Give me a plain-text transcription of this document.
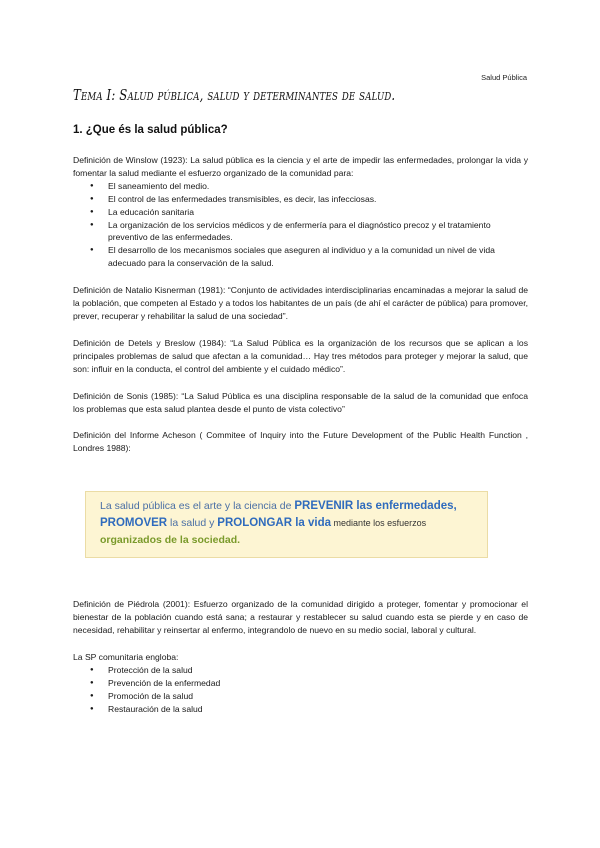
Salud Pública
Tema I: Salud pública, salud y determinantes de salud.
1. ¿Que és la salud pública?

Definición de Winslow (1923): La salud pública es la ciencia y el arte de impedir las enfermedades, prolongar la vida y fomentar la salud mediante el esfuerzo organizado de la comunidad para:

● El saneamiento del medio.
● El control de las enfermedades transmisibles, es decir, las infecciosas.
● La educación sanitaria
● La organización de los servicios médicos y de enfermería para el diagnóstico precoz y el tratamiento preventivo de las enfermedades.
● El desarrollo de los mecanismos sociales que aseguren al individuo y a la comunidad un nivel de vida adecuado para la conservación de la salud.

Definición de Natalio Kisnerman (1981): “Conjunto de actividades interdisciplinarias encaminadas a mejorar la salud de la población, que competen al Estado y a todos los habitantes de un país (de ahí el carácter de pública) para promover, prever, recuperar y rehabilitar la salud de una sociedad”.

Definición de Detels y Breslow (1984): “La Salud Pública es la organización de los recursos que se aplican a los principales problemas de salud que afectan a la comunidad… Hay tres métodos para proteger y mejorar la salud, que son: influir en la conducta, el control del ambiente y el cuidado médico”.

Definición de Sonis (1985): “La Salud Pública es una disciplina responsable de la salud de la comunidad que enfoca los problemas que esta salud plantea desde el punto de vista colectivo”

Definición del Informe Acheson ( Commitee of Inquiry into the Future Development of the Public Health Function , Londres 1988):

La salud pública es el arte y la ciencia de PREVENIR las enfermedades,
PROMOVER la salud y PROLONGAR la vida mediante los esfuerzos
organizados de la sociedad.

Definición de Piédrola (2001): Esfuerzo organizado de la comunidad dirigido a proteger, fomentar y promocionar el bienestar de la población cuando está sana; a restaurar y restablecer su salud cuando esta se pierde y en caso de necesidad, rehabilitar y reinsertar al enfermo, integrandolo de nuevo en su medio social, laboral y cultural.

La SP comunitaria engloba:

● Protección de la salud
● Prevención de la enfermedad
● Promoción de la salud
● Restauración de la salud
